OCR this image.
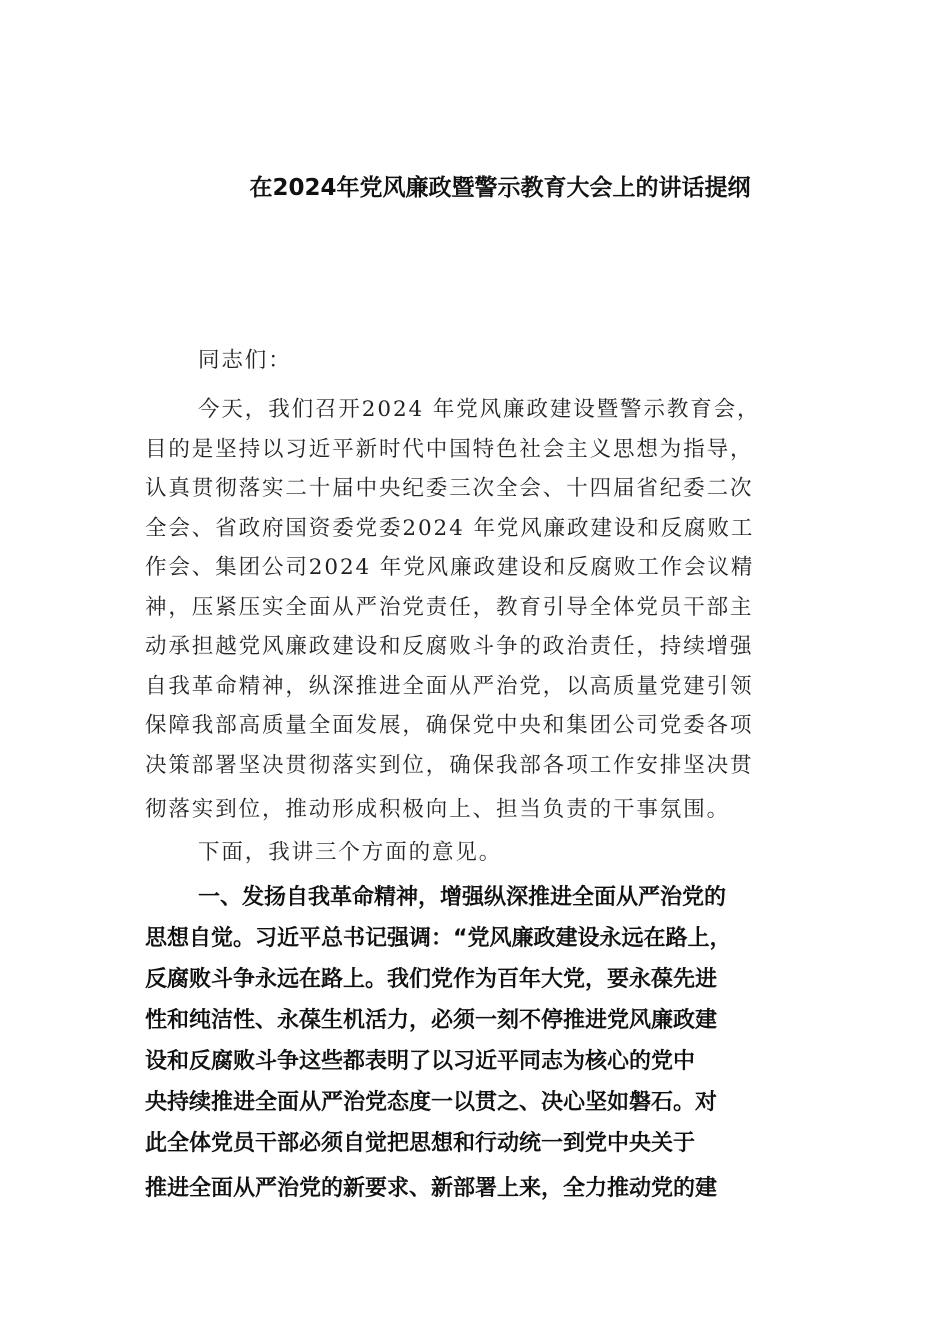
在2024年党风廉政暨警示教育大会上的讲话提纲
同志们：
今天，我们召开2024 年党风廉政建设暨警示教育会，
目的是坚持以习近平新时代中国特色社会主义思想为指导，
认真贯彻落实二十届中央纪委三次全会、十四届省纪委二次
全会、省政府国资委党委2024 年党风廉政建设和反腐败工
作会、集团公司2024 年党风廉政建设和反腐败工作会议精
神，压紧压实全面从严治党责任，教育引导全体党员干部主
动承担越党风廉政建设和反腐败斗争的政治责任，持续增强
自我革命精神，纵深推进全面从严治党，以高质量党建引领
保障我部高质量全面发展，确保党中央和集团公司党委各项
决策部署坚决贯彻落实到位，确保我部各项工作安排坚决贯
彻落实到位，推动形成积极向上、担当负责的干事氛围。
下面，我讲三个方面的意见。
一、发扬自我革命精神，增强纵深推进全面从严治党的
思想自觉。习近平总书记强调：“党风廉政建设永远在路上，
反腐败斗争永远在路上。我们党作为百年大党，要永葆先进
性和纯洁性、永葆生机活力，必须一刻不停推进党风廉政建
设和反腐败斗争这些都表明了以习近平同志为核心的党中
央持续推进全面从严治党态度一以贯之、决心坚如磐石。对
此全体党员干部必须自觉把思想和行动统一到党中央关于
推进全面从严治党的新要求、新部署上来，全力推动党的建
